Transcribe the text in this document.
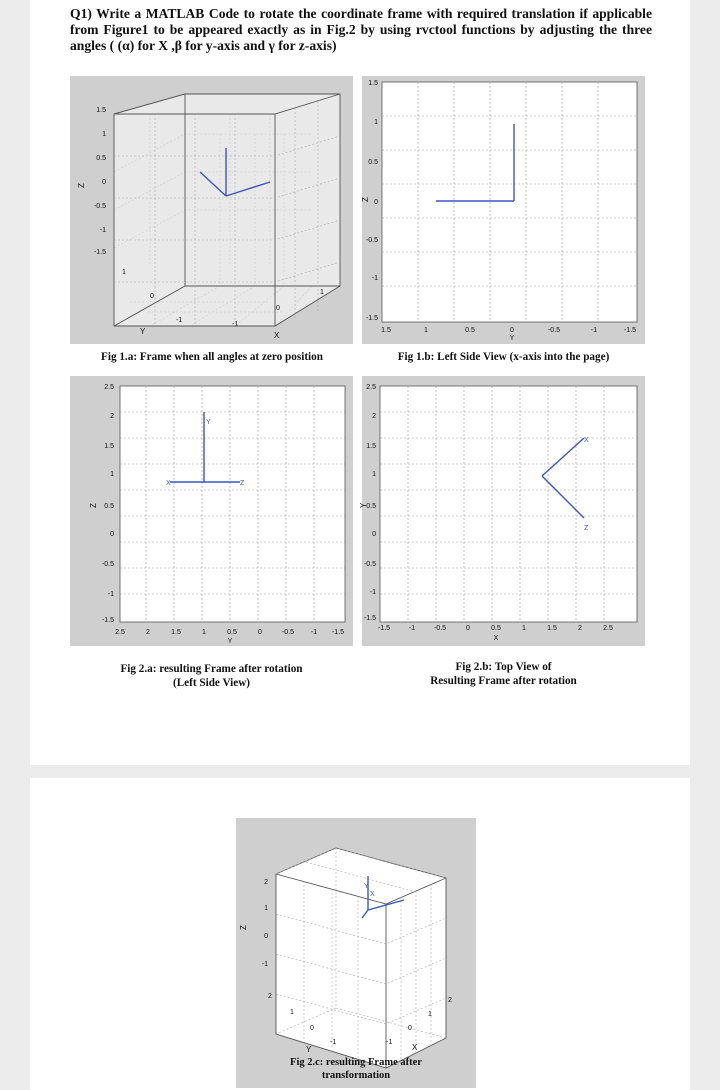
Q1) Write a MATLAB Code to rotate the coordinate frame with required translation if applicable from Figure1 to be appeared exactly as in Fig.2 by using rvctool functions by adjusting the three angles ( (α) for X ,β for y-axis and γ for z-axis)
1.5
1
0.5
0
-0.5
-1
-1.5
Z
1
0
-1
-1
0
1
Y	X
Fig 1.a: Frame when all angles at zero position
1.5
1
0.5
0
-0.5
-1
-1.5
Z
1.5	1	0.5	0	-0.5	-1	-1.5
Y
Fig 1.b: Left Side View (x-axis into the page)
Y
X	Z
2.5
2
1.5
1
0.5
0
-0.5
-1
-1.5
Z
2.5	2	1.5	1	0.5	0	-0.5 -1 -1.5
Y
Fig 2.a: resulting Frame after rotation
(Left Side View)
X
Z
2.5
2
1.5
1
0.5
0
-0.5
-1
-1.5
Y
-1.5	-1	-0.5	0	0.5	1	1.5	2	2.5
X
Fig 2.b: Top View of
Resulting Frame after rotation
Y
X
2
1
0
-1
Z
2
1
0
-1	-1
0
1
2
Y	X
Fig 2.c: resulting Frame after
transformation
